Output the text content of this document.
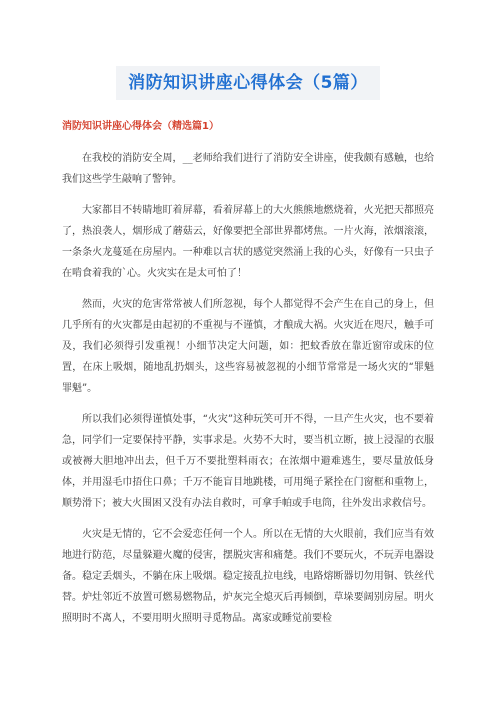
消防知识讲座心得体会（5篇）
消防知识讲座心得体会（精选篇1）

在我校的消防安全周，__老师给我们进行了消防安全讲座，使我颇有感触，也给我们这些学生敲响了警钟。

大家都目不转睛地盯着屏幕，看着屏幕上的大火熊熊地燃烧着，火光把天都照亮了，热浪袭人，烟形成了蘑菇云，好像要把全部世界都烤焦。一片火海，浓烟滚滚，一条条火龙蔓延在房屋内。一种难以言状的感觉突然涌上我的心头，好像有一只虫子在啃食着我的`心。火灾实在是太可怕了！

然而，火灾的危害常常被人们所忽视，每个人都觉得不会产生在自己的身上，但几乎所有的火灾都是由起初的不重视与不谨慎，才酿成大祸。火灾近在咫尺，触手可及，我们必须得引发重视！小细节决定大问题，如：把蚊香放在靠近窗帘或床的位置，在床上吸烟，随地乱扔烟头，这些容易被忽视的小细节常常是一场火灾的“罪魁罪魁”。

所以我们必须得谨慎处事，“火灾”这种玩笑可开不得，一旦产生火灾，也不要着急，同学们一定要保持平静，实事求是。火势不大时，要当机立断，披上浸湿的衣服或被褥大胆地冲出去，但千万不要批塑料雨衣；在浓烟中避难逃生，要尽量放低身体，并用湿毛巾捂住口鼻；千万不能盲目地跳楼，可用绳子紧拴在门窗框和重物上，顺势滑下；被大火围困又没有办法自救时，可拿手帕或手电筒，往外发出求救信号。

火灾是无情的，它不会爱恋任何一个人。所以在无情的大火眼前，我们应当有效地进行防范，尽量躲避火魔的侵害，摆脱灾害和痛楚。我们不要玩火，不玩弄电器设备。稳定丢烟头，不躺在床上吸烟。稳定接乱拉电线，电路熔断器切勿用铜、铁丝代替。炉灶邻近不放置可燃易燃物品，炉灰完全熄灭后再倾倒，草垛要阔别房屋。明火照明时不离人，不要用明火照明寻觅物品。离家或睡觉前要检
